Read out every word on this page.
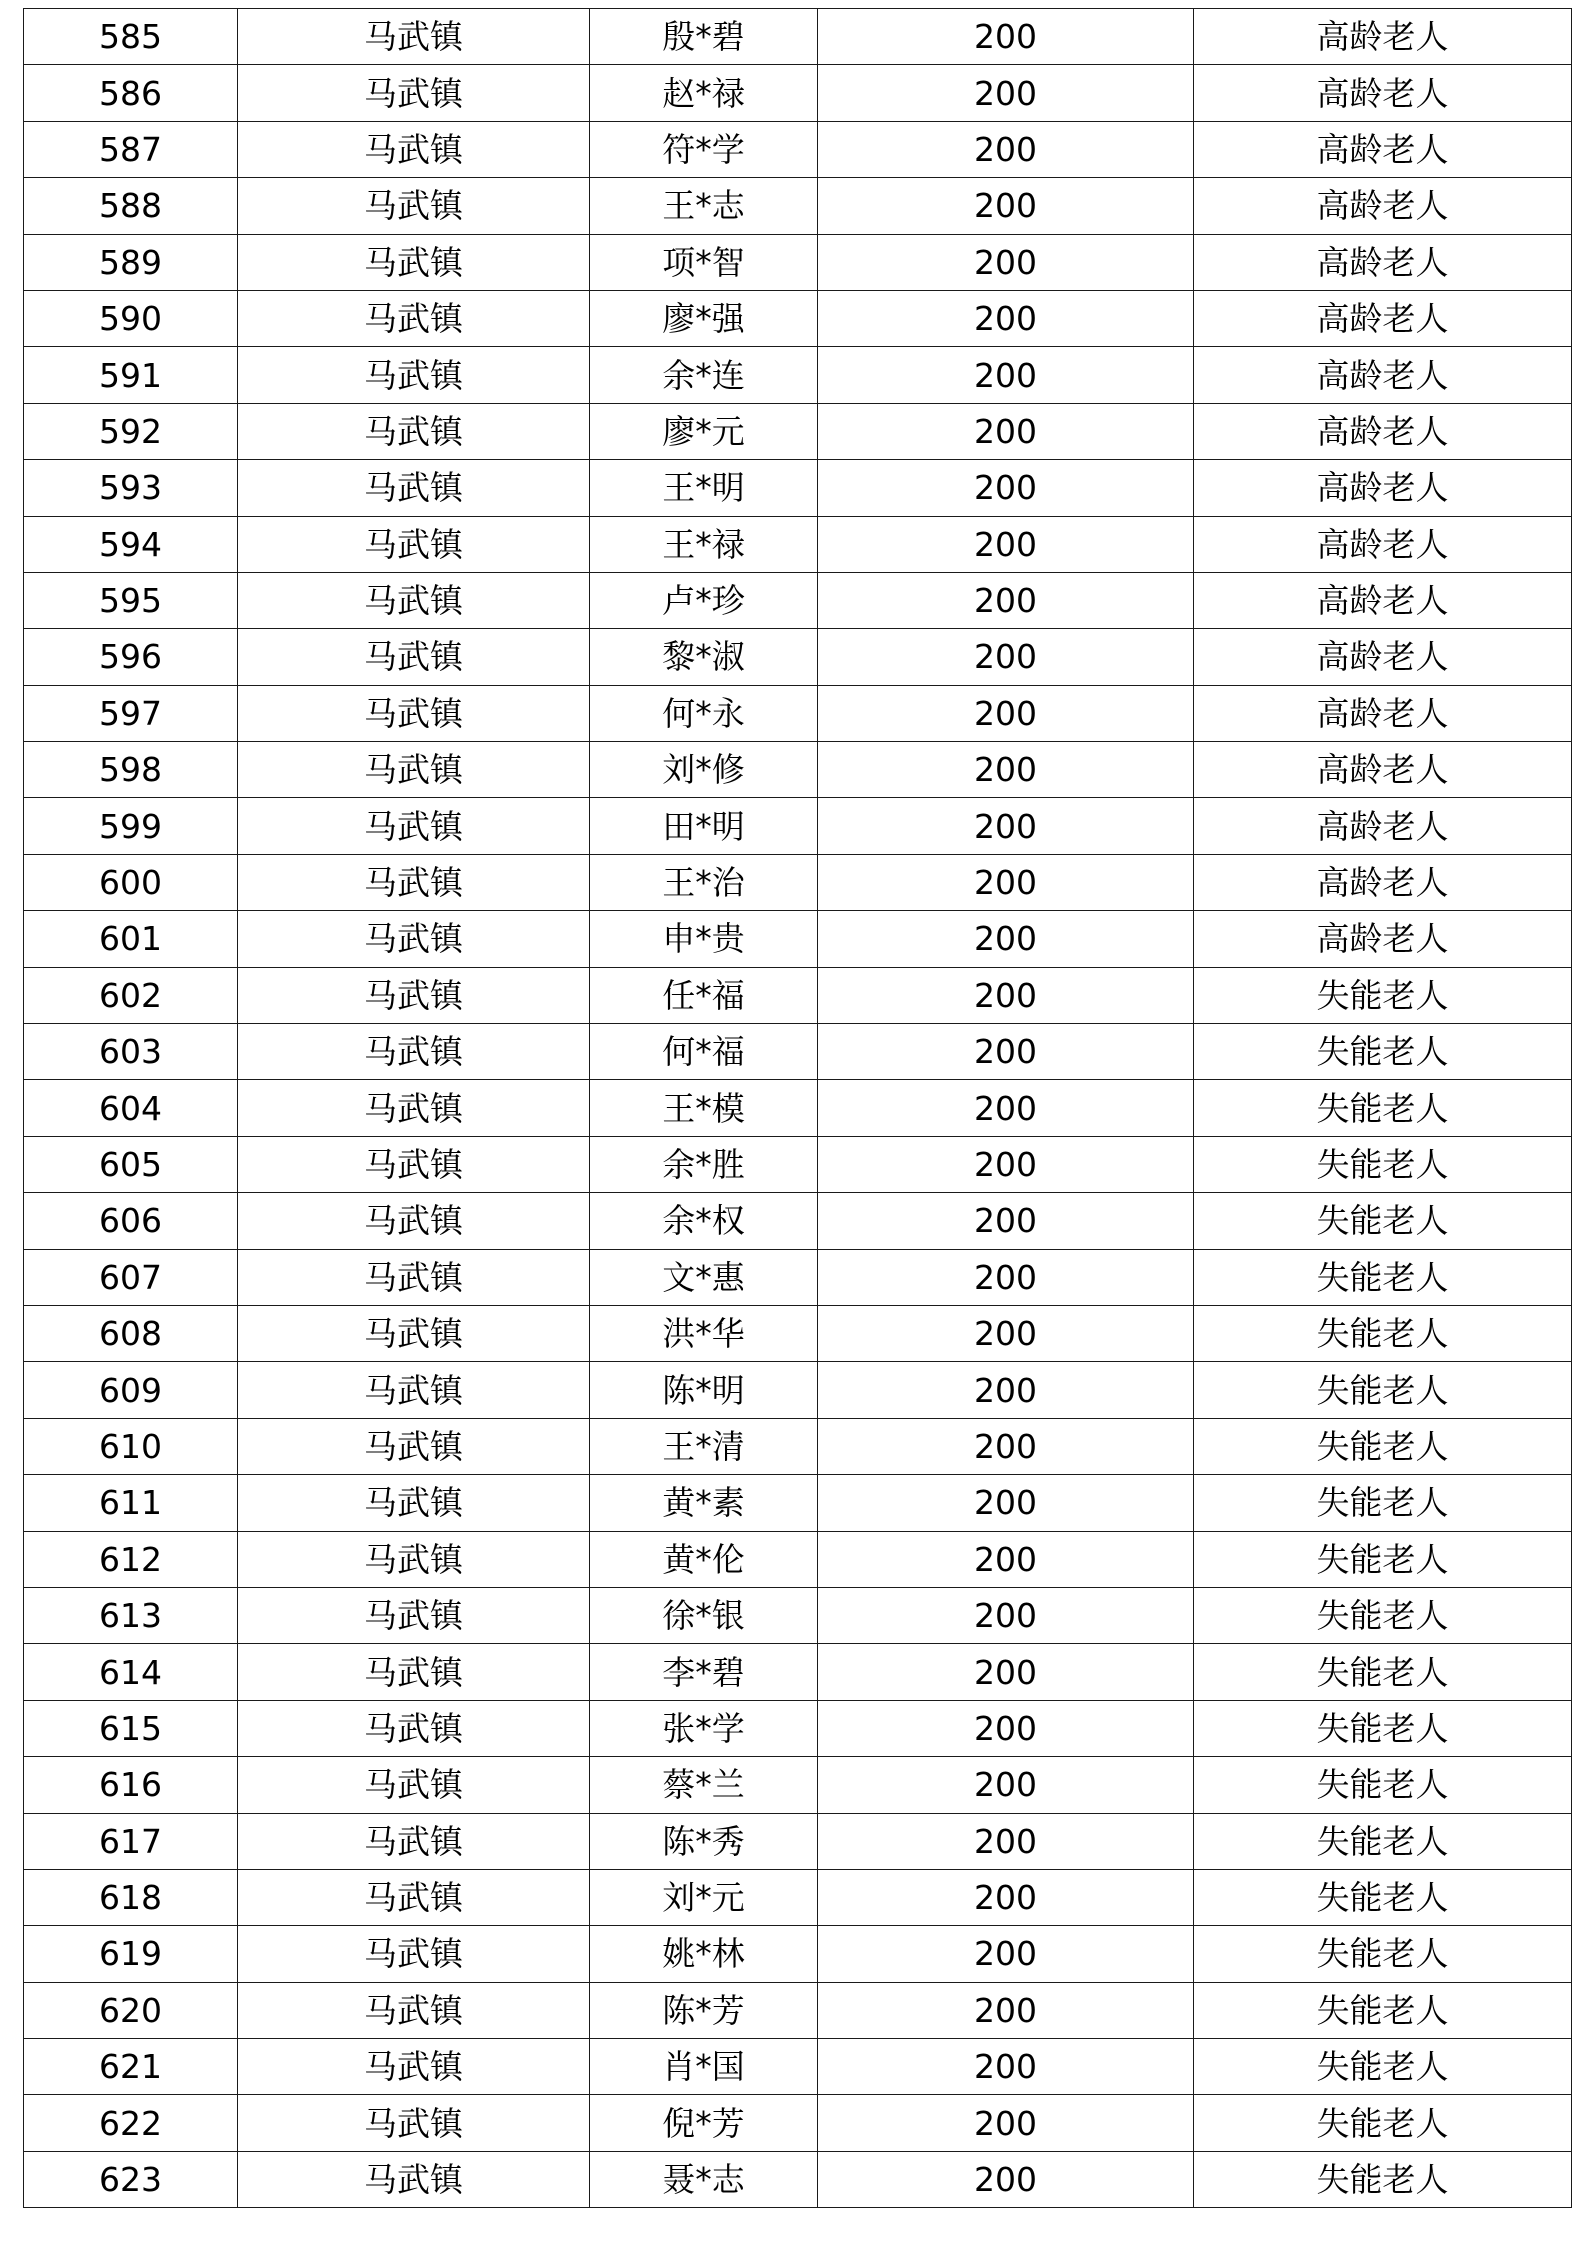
585	马武镇	殷*碧	200	高龄老人
586	马武镇	赵*禄	200	高龄老人
587	马武镇	符*学	200	高龄老人
588	马武镇	王*志	200	高龄老人
589	马武镇	项*智	200	高龄老人
590	马武镇	廖*强	200	高龄老人
591	马武镇	余*连	200	高龄老人
592	马武镇	廖*元	200	高龄老人
593	马武镇	王*明	200	高龄老人
594	马武镇	王*禄	200	高龄老人
595	马武镇	卢*珍	200	高龄老人
596	马武镇	黎*淑	200	高龄老人
597	马武镇	何*永	200	高龄老人
598	马武镇	刘*修	200	高龄老人
599	马武镇	田*明	200	高龄老人
600	马武镇	王*治	200	高龄老人
601	马武镇	申*贵	200	高龄老人
602	马武镇	任*福	200	失能老人
603	马武镇	何*福	200	失能老人
604	马武镇	王*模	200	失能老人
605	马武镇	余*胜	200	失能老人
606	马武镇	余*权	200	失能老人
607	马武镇	文*惠	200	失能老人
608	马武镇	洪*华	200	失能老人
609	马武镇	陈*明	200	失能老人
610	马武镇	王*清	200	失能老人
611	马武镇	黄*素	200	失能老人
612	马武镇	黄*伦	200	失能老人
613	马武镇	徐*银	200	失能老人
614	马武镇	李*碧	200	失能老人
615	马武镇	张*学	200	失能老人
616	马武镇	蔡*兰	200	失能老人
617	马武镇	陈*秀	200	失能老人
618	马武镇	刘*元	200	失能老人
619	马武镇	姚*林	200	失能老人
620	马武镇	陈*芳	200	失能老人
621	马武镇	肖*国	200	失能老人
622	马武镇	倪*芳	200	失能老人
623	马武镇	聂*志	200	失能老人
